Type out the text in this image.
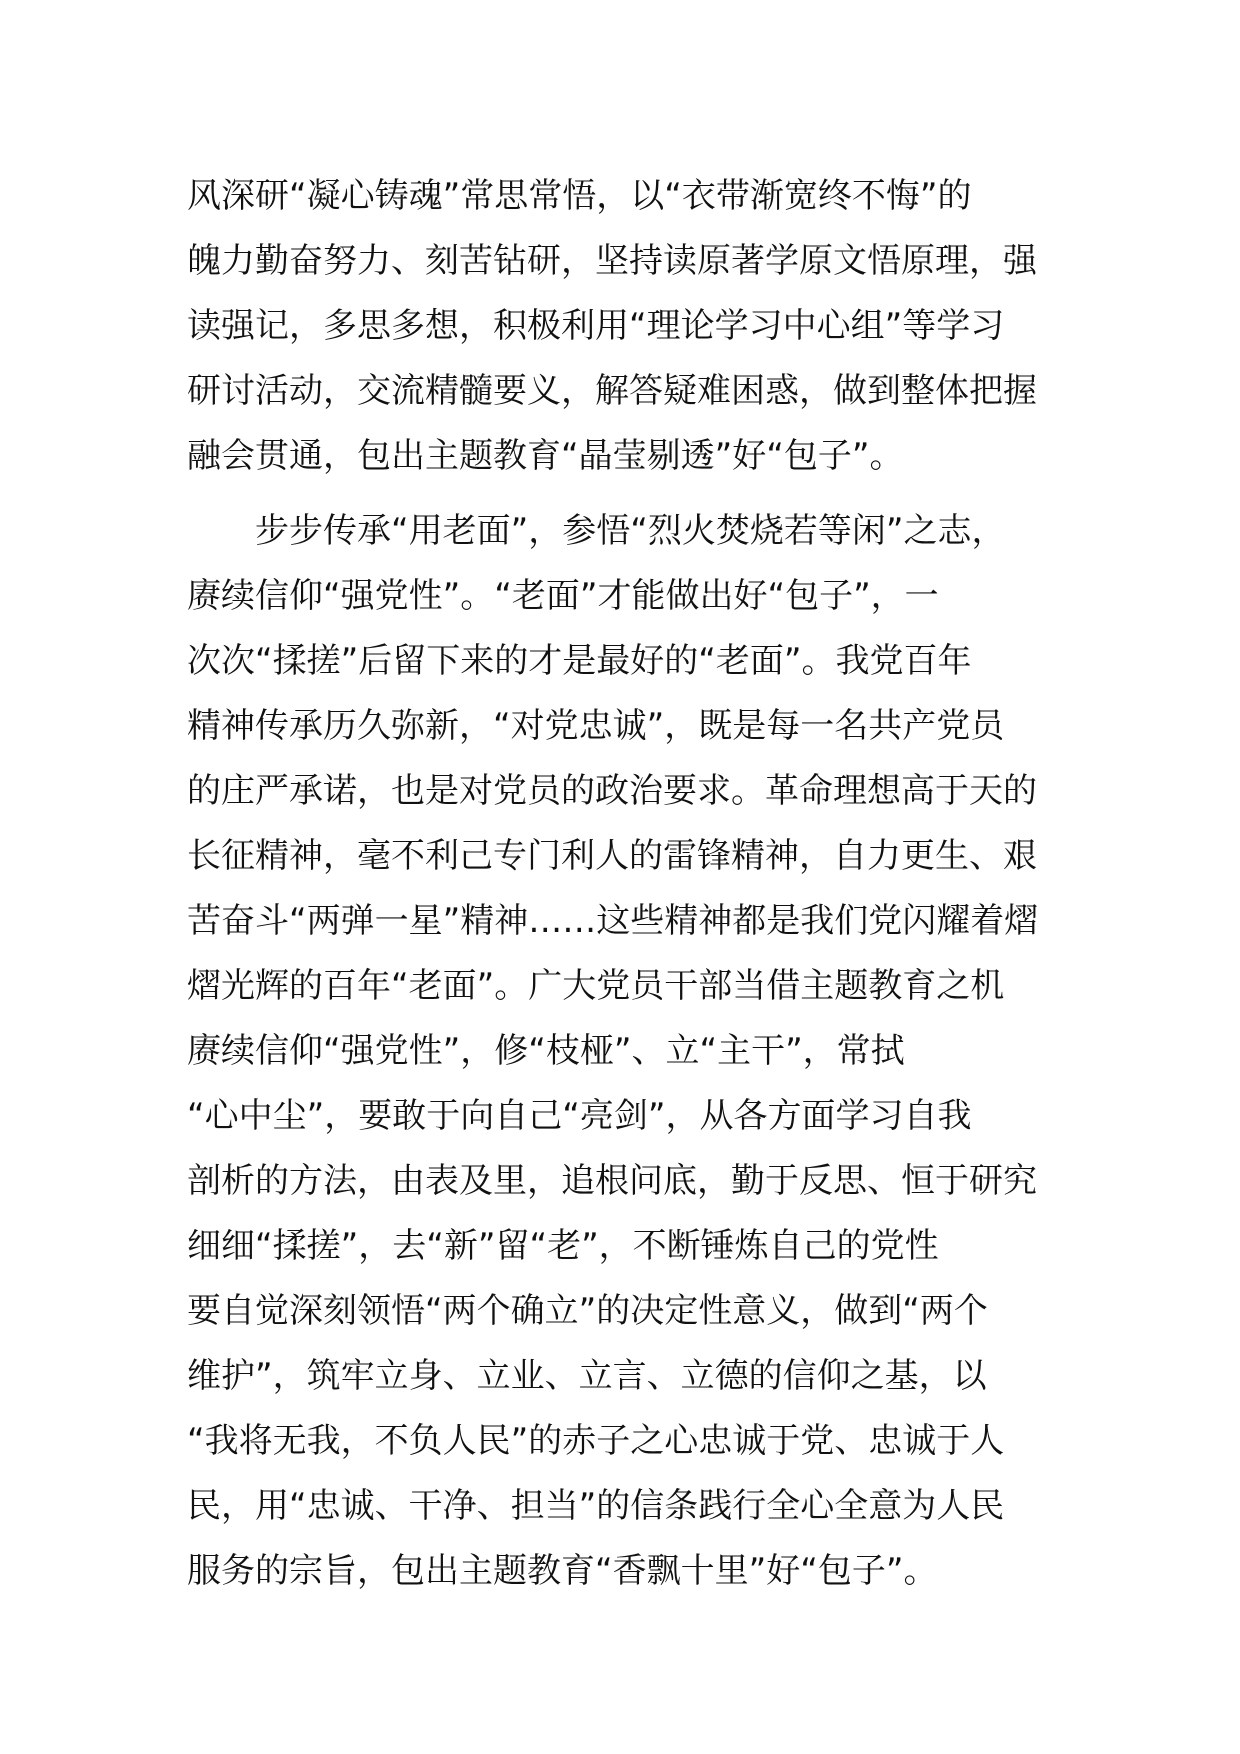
风深研“凝心铸魂”常思常悟，以“衣带渐宽终不悔”的
魄力勤奋努力、刻苦钻研，坚持读原著学原文悟原理，强
读强记，多思多想，积极利用“理论学习中心组”等学习
研讨活动，交流精髓要义，解答疑难困惑，做到整体把握
融会贯通，包出主题教育“晶莹剔透”好“包子”。
步步传承“用老面”，参悟“烈火焚烧若等闲”之志，
赓续信仰“强党性”。“老面”才能做出好“包子”，一
次次“揉搓”后留下来的才是最好的“老面”。我党百年
精神传承历久弥新，“对党忠诚”，既是每一名共产党员
的庄严承诺，也是对党员的政治要求。革命理想高于天的
长征精神，毫不利己专门利人的雷锋精神，自力更生、艰
苦奋斗“两弹一星”精神……这些精神都是我们党闪耀着熠
熠光辉的百年“老面”。广大党员干部当借主题教育之机
赓续信仰“强党性”，修“枝桠”、立“主干”，常拭
“心中尘”，要敢于向自己“亮剑”，从各方面学习自我
剖析的方法，由表及里，追根问底，勤于反思、恒于研究
细细“揉搓”，去“新”留“老”，不断锤炼自己的党性
要自觉深刻领悟“两个确立”的决定性意义，做到“两个
维护”，筑牢立身、立业、立言、立德的信仰之基，以
“我将无我，不负人民”的赤子之心忠诚于党、忠诚于人
民，用“忠诚、干净、担当”的信条践行全心全意为人民
服务的宗旨，包出主题教育“香飘十里”好“包子”。
